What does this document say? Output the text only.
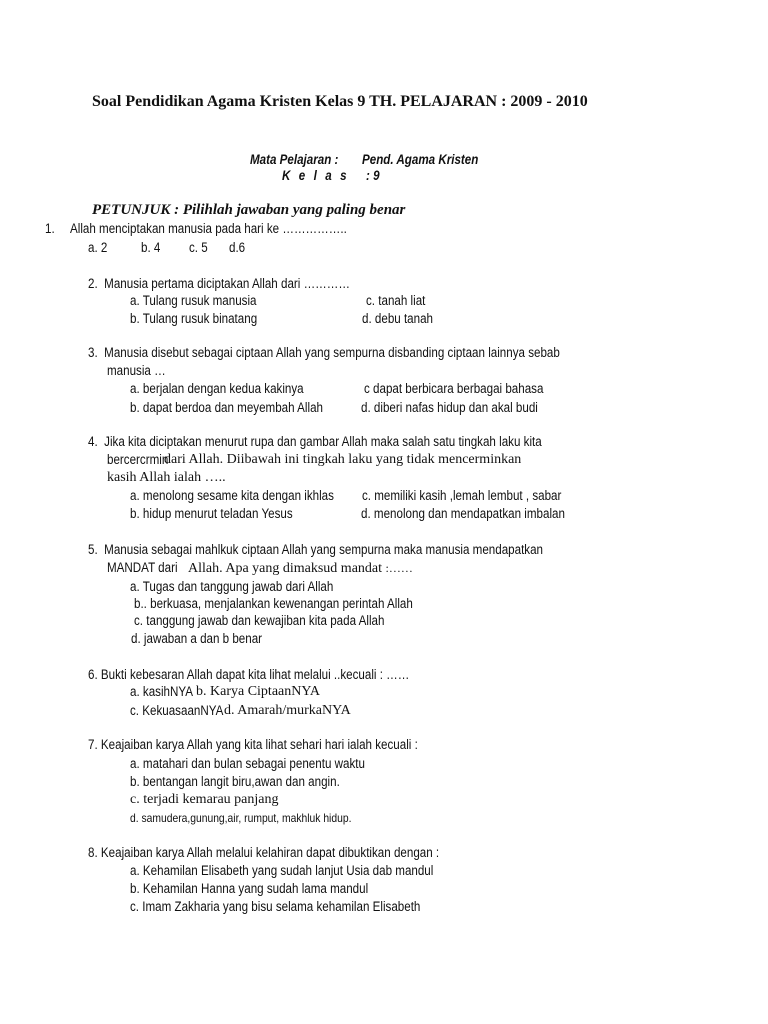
Soal Pendidikan Agama Kristen Kelas 9 TH. PELAJARAN : 2009 - 2010
Mata Pelajaran :	Pend. Agama Kristen
K e l a s	: 9
PETUNJUK : Pilihlah jawaban yang paling benar
1. Allah menciptakan manusia pada hari ke ……………..
a. 2 b. 4 c. 5 d.6
2. Manusia pertama diciptakan Allah dari …………
a. Tulang rusuk manusia	c. tanah liat
b. Tulang rusuk binatang	d. debu tanah
3. Manusia disebut sebagai ciptaan Allah yang sempurna disbanding ciptaan lainnya sebab
manusia …
a. berjalan dengan kedua kakinya	c dapat berbicara berbagai bahasa
b. dapat berdoa dan meyembah Allah	d. diberi nafas hidup dan akal budi
4. Jika kita diciptakan menurut rupa dan gambar Allah maka salah satu tingkah laku kita
bercercrmin
dari Allah. Diibawah ini tingkah laku yang tidak mencerminkan
kasih Allah ialah …..
a. menolong sesame kita dengan ikhlas	c. memiliki kasih ,lemah lembut , sabar
b. hidup menurut teladan Yesus	d. menolong dan mendapatkan imbalan
5. Manusia sebagai mahlkuk ciptaan Allah yang sempurna maka manusia mendapatkan
MANDAT dari Allah. Apa yang dimaksud mandat :……
a. Tugas dan tanggung jawab dari Allah
b.. berkuasa, menjalankan kewenangan perintah Allah
c. tanggung jawab dan kewajiban kita pada Allah
d. jawaban a dan b benar
6. Bukti kebesaran Allah dapat kita lihat melalui ..kecuali : ……
a. kasihNYA b. Karya CiptaanNYA
c. KekuasaanNYA d. Amarah/murkaNYA
7. Keajaiban karya Allah yang kita lihat sehari hari ialah kecuali :
a. matahari dan bulan sebagai penentu waktu
b. bentangan langit biru,awan dan angin.
c. terjadi kemarau panjang
d. samudera,gunung,air, rumput, makhluk hidup.
8. Keajaiban karya Allah melalui kelahiran dapat dibuktikan dengan :
a. Kehamilan Elisabeth yang sudah lanjut Usia dab mandul
b. Kehamilan Hanna yang sudah lama mandul
c. Imam Zakharia yang bisu selama kehamilan Elisabeth
